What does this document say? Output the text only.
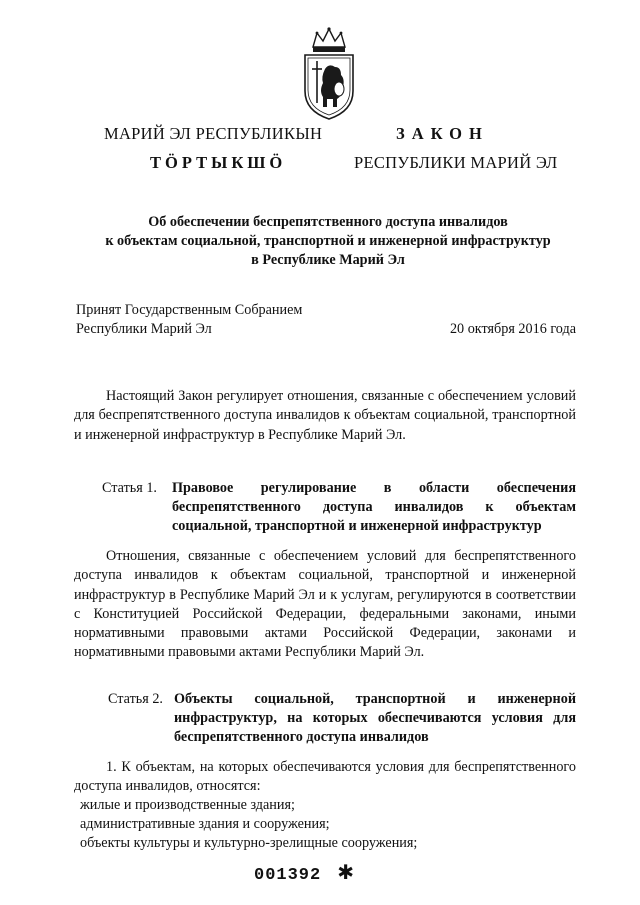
МАРИЙ ЭЛ РЕСПУБЛИКЫН
ТӦРТЫКШӦ
ЗАКОН
РЕСПУБЛИКИ МАРИЙ ЭЛ
Об обеспечении беспрепятственного доступа инвалидов
к объектам социальной, транспортной и инженерной инфраструктур
в Республике Марий Эл
Принят Государственным Собранием
Республики Марий Эл	20 октября 2016 года
Настоящий Закон регулирует отношения, связанные с обеспечением условий для беспрепятственного доступа инвалидов к объектам социальной, транспортной и инженерной инфраструктур в Республике Марий Эл.
Статья 1. Правовое регулирование в области обеспечения беспрепятственного доступа инвалидов к объектам социальной, транспортной и инженерной инфраструктур
Отношения, связанные с обеспечением условий для беспрепятственного доступа инвалидов к объектам социальной, транспортной и инженерной инфраструктур в Республике Марий Эл и к услугам, регулируются в соответствии с Конституцией Российской Федерации, федеральными законами, иными нормативными правовыми актами Российской Федерации, законами и нормативными правовыми актами Республики Марий Эл.
Статья 2. Объекты социальной, транспортной и инженерной инфраструктур, на которых обеспечиваются условия для беспрепятственного доступа инвалидов
1. К объектам, на которых обеспечиваются условия для беспрепятственного доступа инвалидов, относятся:
жилые и производственные здания;
административные здания и сооружения;
объекты культуры и культурно-зрелищные сооружения;
001392 ✱
